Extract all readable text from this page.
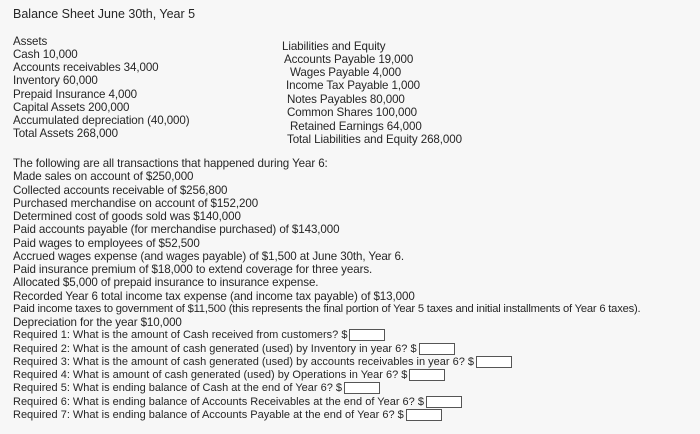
Balance Sheet June 30th, Year 5
Assets
Cash 10,000
Accounts receivables 34,000
Inventory 60,000
Prepaid Insurance 4,000
Capital Assets 200,000
Accumulated depreciation (40,000)
Total Assets 268,000
Liabilities and Equity
Accounts Payable 19,000
Wages Payable 4,000
Income Tax Payable 1,000
Notes Payables 80,000
Common Shares 100,000
Retained Earnings 64,000
Total Liabilities and Equity 268,000
The following are all transactions that happened during Year 6:
Made sales on account of $250,000
Collected accounts receivable of $256,800
Purchased merchandise on account of $152,200
Determined cost of goods sold was $140,000
Paid accounts payable (for merchandise purchased) of $143,000
Paid wages to employees of $52,500
Accrued wages expense (and wages payable) of $1,500 at June 30th, Year 6.
Paid insurance premium of $18,000 to extend coverage for three years.
Allocated $5,000 of prepaid insurance to insurance expense.
Recorded Year 6 total income tax expense (and income tax payable) of $13,000
Paid income taxes to government of $11,500 (this represents the final portion of Year 5 taxes and initial installments of Year 6 taxes).
Depreciation for the year $10,000
Required 1: What is the amount of Cash received from customers? $
Required 2: What is the amount of cash generated (used) by Inventory in year 6? $
Required 3: What is the amount of cash generated (used) by accounts receivables in year 6? $
Required 4: What is amount of cash generated (used) by Operations in Year 6? $
Required 5: What is ending balance of Cash at the end of Year 6? $
Required 6: What is ending balance of Accounts Receivables at the end of Year 6? $
Required 7: What is ending balance of Accounts Payable at the end of Year 6? $
